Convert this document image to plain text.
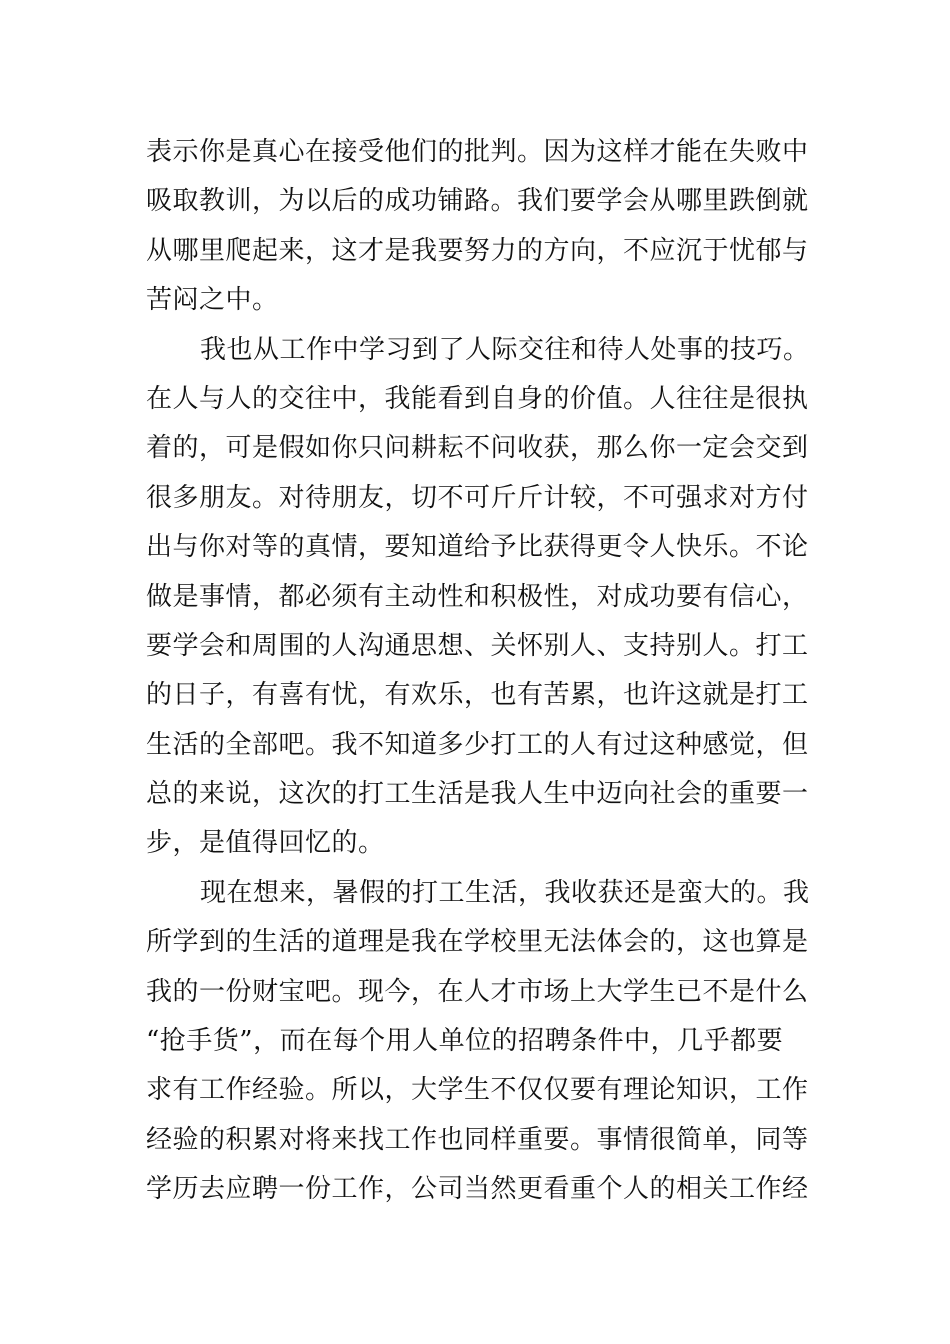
表示你是真心在接受他们的批判。因为这样才能在失败中
吸取教训，为以后的成功铺路。我们要学会从哪里跌倒就
从哪里爬起来，这才是我要努力的方向，不应沉于忧郁与
苦闷之中。
我也从工作中学习到了人际交往和待人处事的技巧。
在人与人的交往中，我能看到自身的价值。人往往是很执
着的，可是假如你只问耕耘不问收获，那么你一定会交到
很多朋友。对待朋友，切不可斤斤计较，不可强求对方付
出与你对等的真情，要知道给予比获得更令人快乐。不论
做是事情，都必须有主动性和积极性，对成功要有信心，
要学会和周围的人沟通思想、关怀别人、支持别人。打工
的日子，有喜有忧，有欢乐，也有苦累，也许这就是打工
生活的全部吧。我不知道多少打工的人有过这种感觉，但
总的来说，这次的打工生活是我人生中迈向社会的重要一
步，是值得回忆的。
现在想来，暑假的打工生活，我收获还是蛮大的。我
所学到的生活的道理是我在学校里无法体会的，这也算是
我的一份财宝吧。现今，在人才市场上大学生已不是什么
“抢手货”，而在每个用人单位的招聘条件中，几乎都要
求有工作经验。所以，大学生不仅仅要有理论知识，工作
经验的积累对将来找工作也同样重要。事情很简单，同等
学历去应聘一份工作，公司当然更看重个人的相关工作经
